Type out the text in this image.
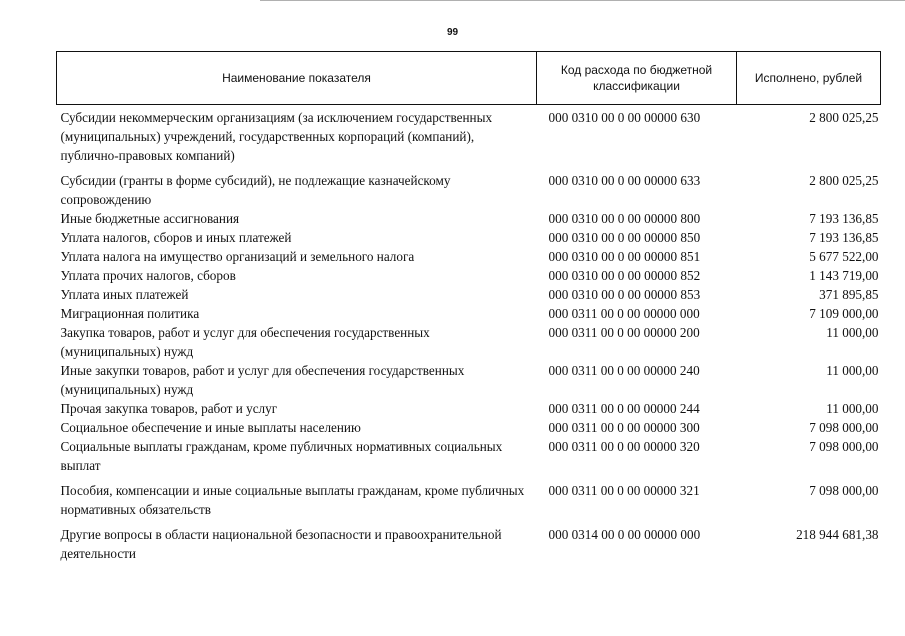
99
Наименование показателя	Код расхода по бюджетной классификации	Исполнено, рублей
Субсидии некоммерческим организациям (за исключением государственных (муниципальных) учреждений, государственных корпораций (компаний), публично-правовых компаний)	000 0310 00 0 00 00000 630	2 800 025,25
Субсидии (гранты в форме субсидий), не подлежащие казначейскому сопровождению	000 0310 00 0 00 00000 633	2 800 025,25
Иные бюджетные ассигнования	000 0310 00 0 00 00000 800	7 193 136,85
Уплата налогов, сборов и иных платежей	000 0310 00 0 00 00000 850	7 193 136,85
Уплата налога на имущество организаций и земельного налога	000 0310 00 0 00 00000 851	5 677 522,00
Уплата прочих налогов, сборов	000 0310 00 0 00 00000 852	1 143 719,00
Уплата иных платежей	000 0310 00 0 00 00000 853	371 895,85
Миграционная политика	000 0311 00 0 00 00000 000	7 109 000,00
Закупка товаров, работ и услуг для обеспечения государственных (муниципальных) нужд	000 0311 00 0 00 00000 200	11 000,00
Иные закупки товаров, работ и услуг для обеспечения государственных (муниципальных) нужд	000 0311 00 0 00 00000 240	11 000,00
Прочая закупка товаров, работ и услуг	000 0311 00 0 00 00000 244	11 000,00
Социальное обеспечение и иные выплаты населению	000 0311 00 0 00 00000 300	7 098 000,00
Социальные выплаты гражданам, кроме публичных нормативных социальных выплат	000 0311 00 0 00 00000 320	7 098 000,00
Пособия, компенсации и иные социальные выплаты гражданам, кроме публичных нормативных обязательств	000 0311 00 0 00 00000 321	7 098 000,00
Другие вопросы в области национальной безопасности и правоохранительной деятельности	000 0314 00 0 00 00000 000	218 944 681,38
